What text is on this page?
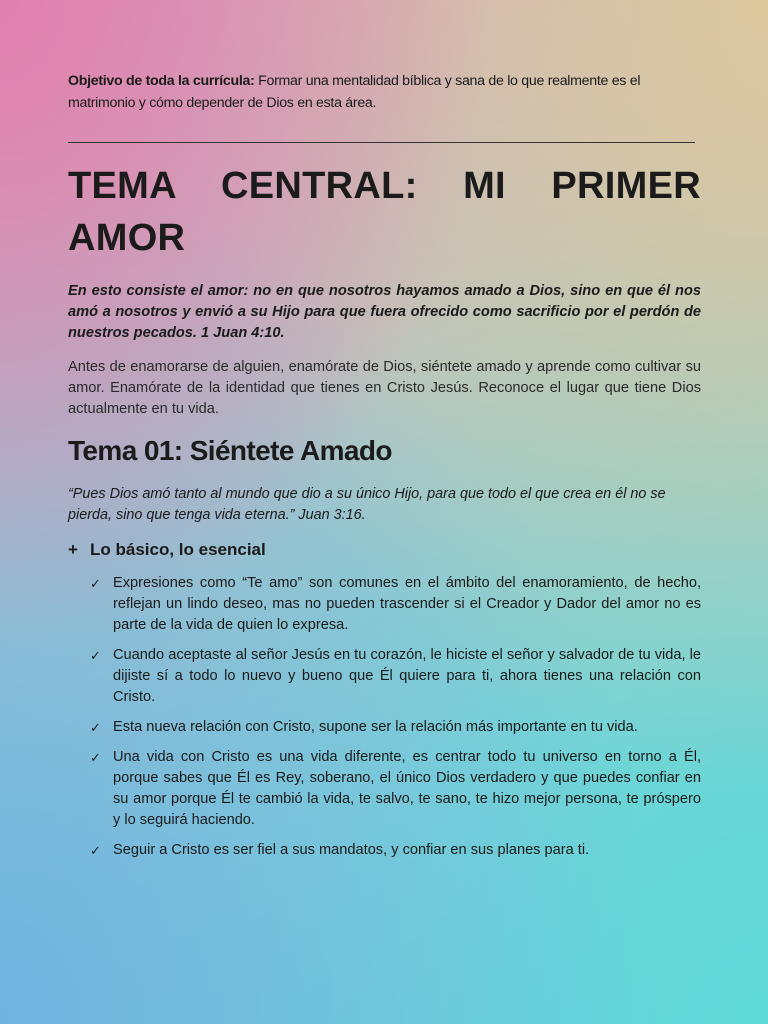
Objetivo de toda la currícula: Formar una mentalidad bíblica y sana de lo que realmente es el matrimonio y cómo depender de Dios en esta área.
TEMA CENTRAL: MI PRIMER AMOR
En esto consiste el amor: no en que nosotros hayamos amado a Dios, sino en que él nos amó a nosotros y envió a su Hijo para que fuera ofrecido como sacrificio por el perdón de nuestros pecados. 1 Juan 4:10.
Antes de enamorarse de alguien, enamórate de Dios, siéntete amado y aprende como cultivar su amor. Enamórate de la identidad que tienes en Cristo Jesús. Reconoce el lugar que tiene Dios actualmente en tu vida.
Tema 01: Siéntete Amado
“Pues Dios amó tanto al mundo que dio a su único Hijo, para que todo el que crea en él no se pierda, sino que tenga vida eterna.” Juan 3:16.
+ Lo básico, lo esencial
✓ Expresiones como “Te amo” son comunes en el ámbito del enamoramiento, de hecho, reflejan un lindo deseo, mas no pueden trascender si el Creador y Dador del amor no es parte de la vida de quien lo expresa.
✓ Cuando aceptaste al señor Jesús en tu corazón, le hiciste el señor y salvador de tu vida, le dijiste sí a todo lo nuevo y bueno que Él quiere para ti, ahora tienes una relación con Cristo.
✓ Esta nueva relación con Cristo, supone ser la relación más importante en tu vida.
✓ Una vida con Cristo es una vida diferente, es centrar todo tu universo en torno a Él, porque sabes que Él es Rey, soberano, el único Dios verdadero y que puedes confiar en su amor porque Él te cambió la vida, te salvo, te sano, te hizo mejor persona, te próspero y lo seguirá haciendo.
✓ Seguir a Cristo es ser fiel a sus mandatos, y confiar en sus planes para ti.
